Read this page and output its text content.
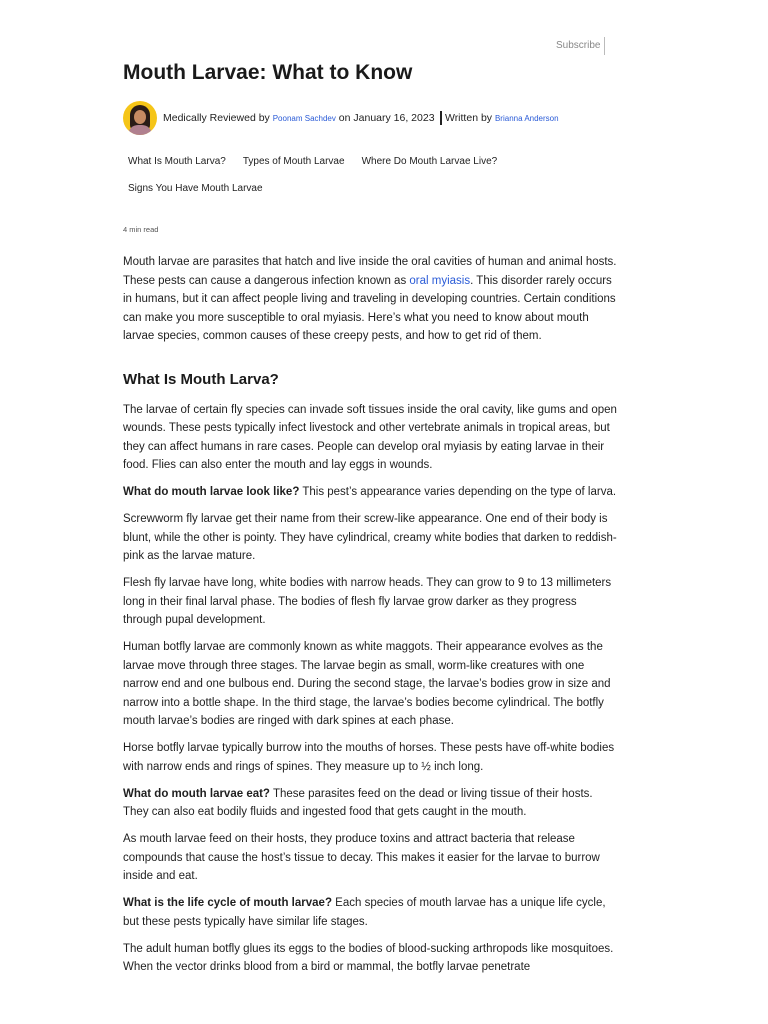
Subscribe
Mouth Larvae: What to Know
Medically Reviewed by
Poonam Sachdev
on January 16, 2023
Written by
Brianna Anderson
What Is Mouth Larva? Types of Mouth Larvae Where Do Mouth Larvae Live?
Signs You Have Mouth Larvae
4 min read

Mouth larvae are parasites that hatch and live inside the oral cavities of human and animal hosts. These pests can cause a dangerous infection known as oral myiasis. This disorder rarely occurs in humans, but it can affect people living and traveling in developing countries. Certain conditions can make you more susceptible to oral myiasis. Here’s what you need to know about mouth larvae species, common causes of these creepy pests, and how to get rid of them.

What Is Mouth Larva?

The larvae of certain fly species can invade soft tissues inside the oral cavity, like gums and open wounds. These pests typically infect livestock and other vertebrate animals in tropical areas, but they can affect humans in rare cases. People can develop oral myiasis by eating larvae in their food. Flies can also enter the mouth and lay eggs in wounds.

What do mouth larvae look like? This pest’s appearance varies depending on the type of larva.

Screwworm fly larvae get their name from their screw-like appearance. One end of their body is blunt, while the other is pointy. They have cylindrical, creamy white bodies that darken to reddish-pink as the larvae mature.

Flesh fly larvae have long, white bodies with narrow heads. They can grow to 9 to 13 millimeters long in their final larval phase. The bodies of flesh fly larvae grow darker as they progress through pupal development.

Human botfly larvae are commonly known as white maggots. Their appearance evolves as the larvae move through three stages. The larvae begin as small, worm-like creatures with one narrow end and one bulbous end. During the second stage, the larvae’s bodies grow in size and narrow into a bottle shape. In the third stage, the larvae’s bodies become cylindrical. The botfly mouth larvae’s bodies are ringed with dark spines at each phase.

Horse botfly larvae typically burrow into the mouths of horses. These pests have off-white bodies with narrow ends and rings of spines. They measure up to ½ inch long.

What do mouth larvae eat? These parasites feed on the dead or living tissue of their hosts. They can also eat bodily fluids and ingested food that gets caught in the mouth.

As mouth larvae feed on their hosts, they produce toxins and attract bacteria that release compounds that cause the host’s tissue to decay. This makes it easier for the larvae to burrow inside and eat.

What is the life cycle of mouth larvae? Each species of mouth larvae has a unique life cycle, but these pests typically have similar life stages.

The adult human botfly glues its eggs to the bodies of blood-sucking arthropods like mosquitoes. When the vector drinks blood from a bird or mammal, the botfly larvae penetrate
